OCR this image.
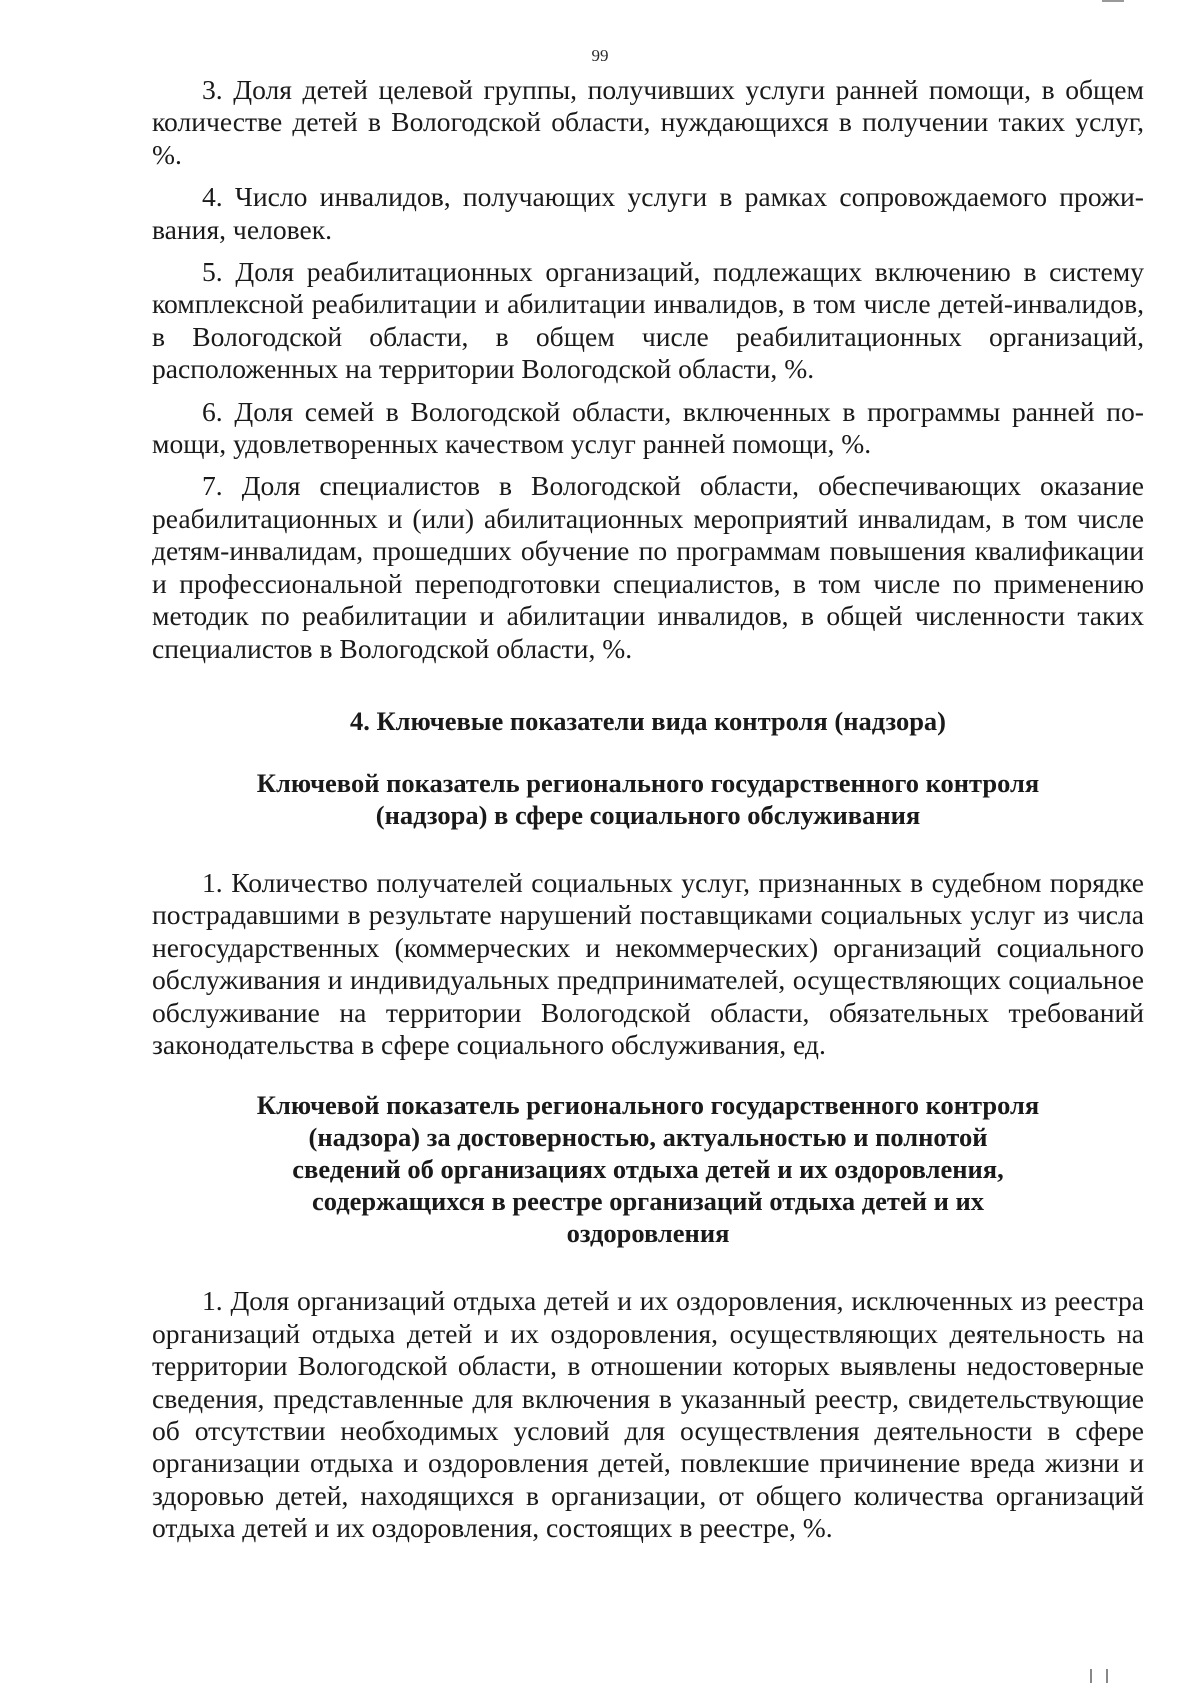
99

3. Доля детей целевой группы, получивших услуги ранней помощи, в общем количестве детей в Вологодской области, нуждающихся в получении таких услуг, %.

4. Число инвалидов, получающих услуги в рамках сопровождаемого проживания, человек.

5. Доля реабилитационных организаций, подлежащих включению в систему комплексной реабилитации и абилитации инвалидов, в том числе детей-инвалидов, в Вологодской области, в общем числе реабилитационных организаций, расположенных на территории Вологодской области, %.

6. Доля семей в Вологодской области, включенных в программы ранней помощи, удовлетворенных качеством услуг ранней помощи, %.

7. Доля специалистов в Вологодской области, обеспечивающих оказание реабилитационных и (или) абилитационных мероприятий инвалидам, в том числе детям-инвалидам, прошедших обучение по программам повышения квалификации и профессиональной переподготовки специалистов, в том числе по применению методик по реабилитации и абилитации инвалидов, в общей численности таких специалистов в Вологодской области, %.

4. Ключевые показатели вида контроля (надзора)
Ключевой показатель регионального государственного контроля
(надзора) в сфере социального обслуживания

1. Количество получателей социальных услуг, признанных в судебном порядке пострадавшими в результате нарушений поставщиками социальных услуг из числа негосударственных (коммерческих и некоммерческих) организаций социального обслуживания и индивидуальных предпринимателей, осуществляющих социальное обслуживание на территории Вологодской области, обязательных требований законодательства в сфере социального обслуживания, ед.

Ключевой показатель регионального государственного контроля
(надзора) за достоверностью, актуальностью и полнотой
сведений об организациях отдыха детей и их оздоровления,
содержащихся в реестре организаций отдыха детей и их
оздоровления

1. Доля организаций отдыха детей и их оздоровления, исключенных из реестра организаций отдыха детей и их оздоровления, осуществляющих деятельность на территории Вологодской области, в отношении которых выявлены недостоверные сведения, представленные для включения в указанный реестр, свидетельствующие об отсутствии необходимых условий для осуществления деятельности в сфере организации отдыха и оздоровления детей, повлекшие причинение вреда жизни и здоровью детей, находящихся в организации, от общего количества организаций отдыха детей и их оздоровления, состоящих в реестре, %.
